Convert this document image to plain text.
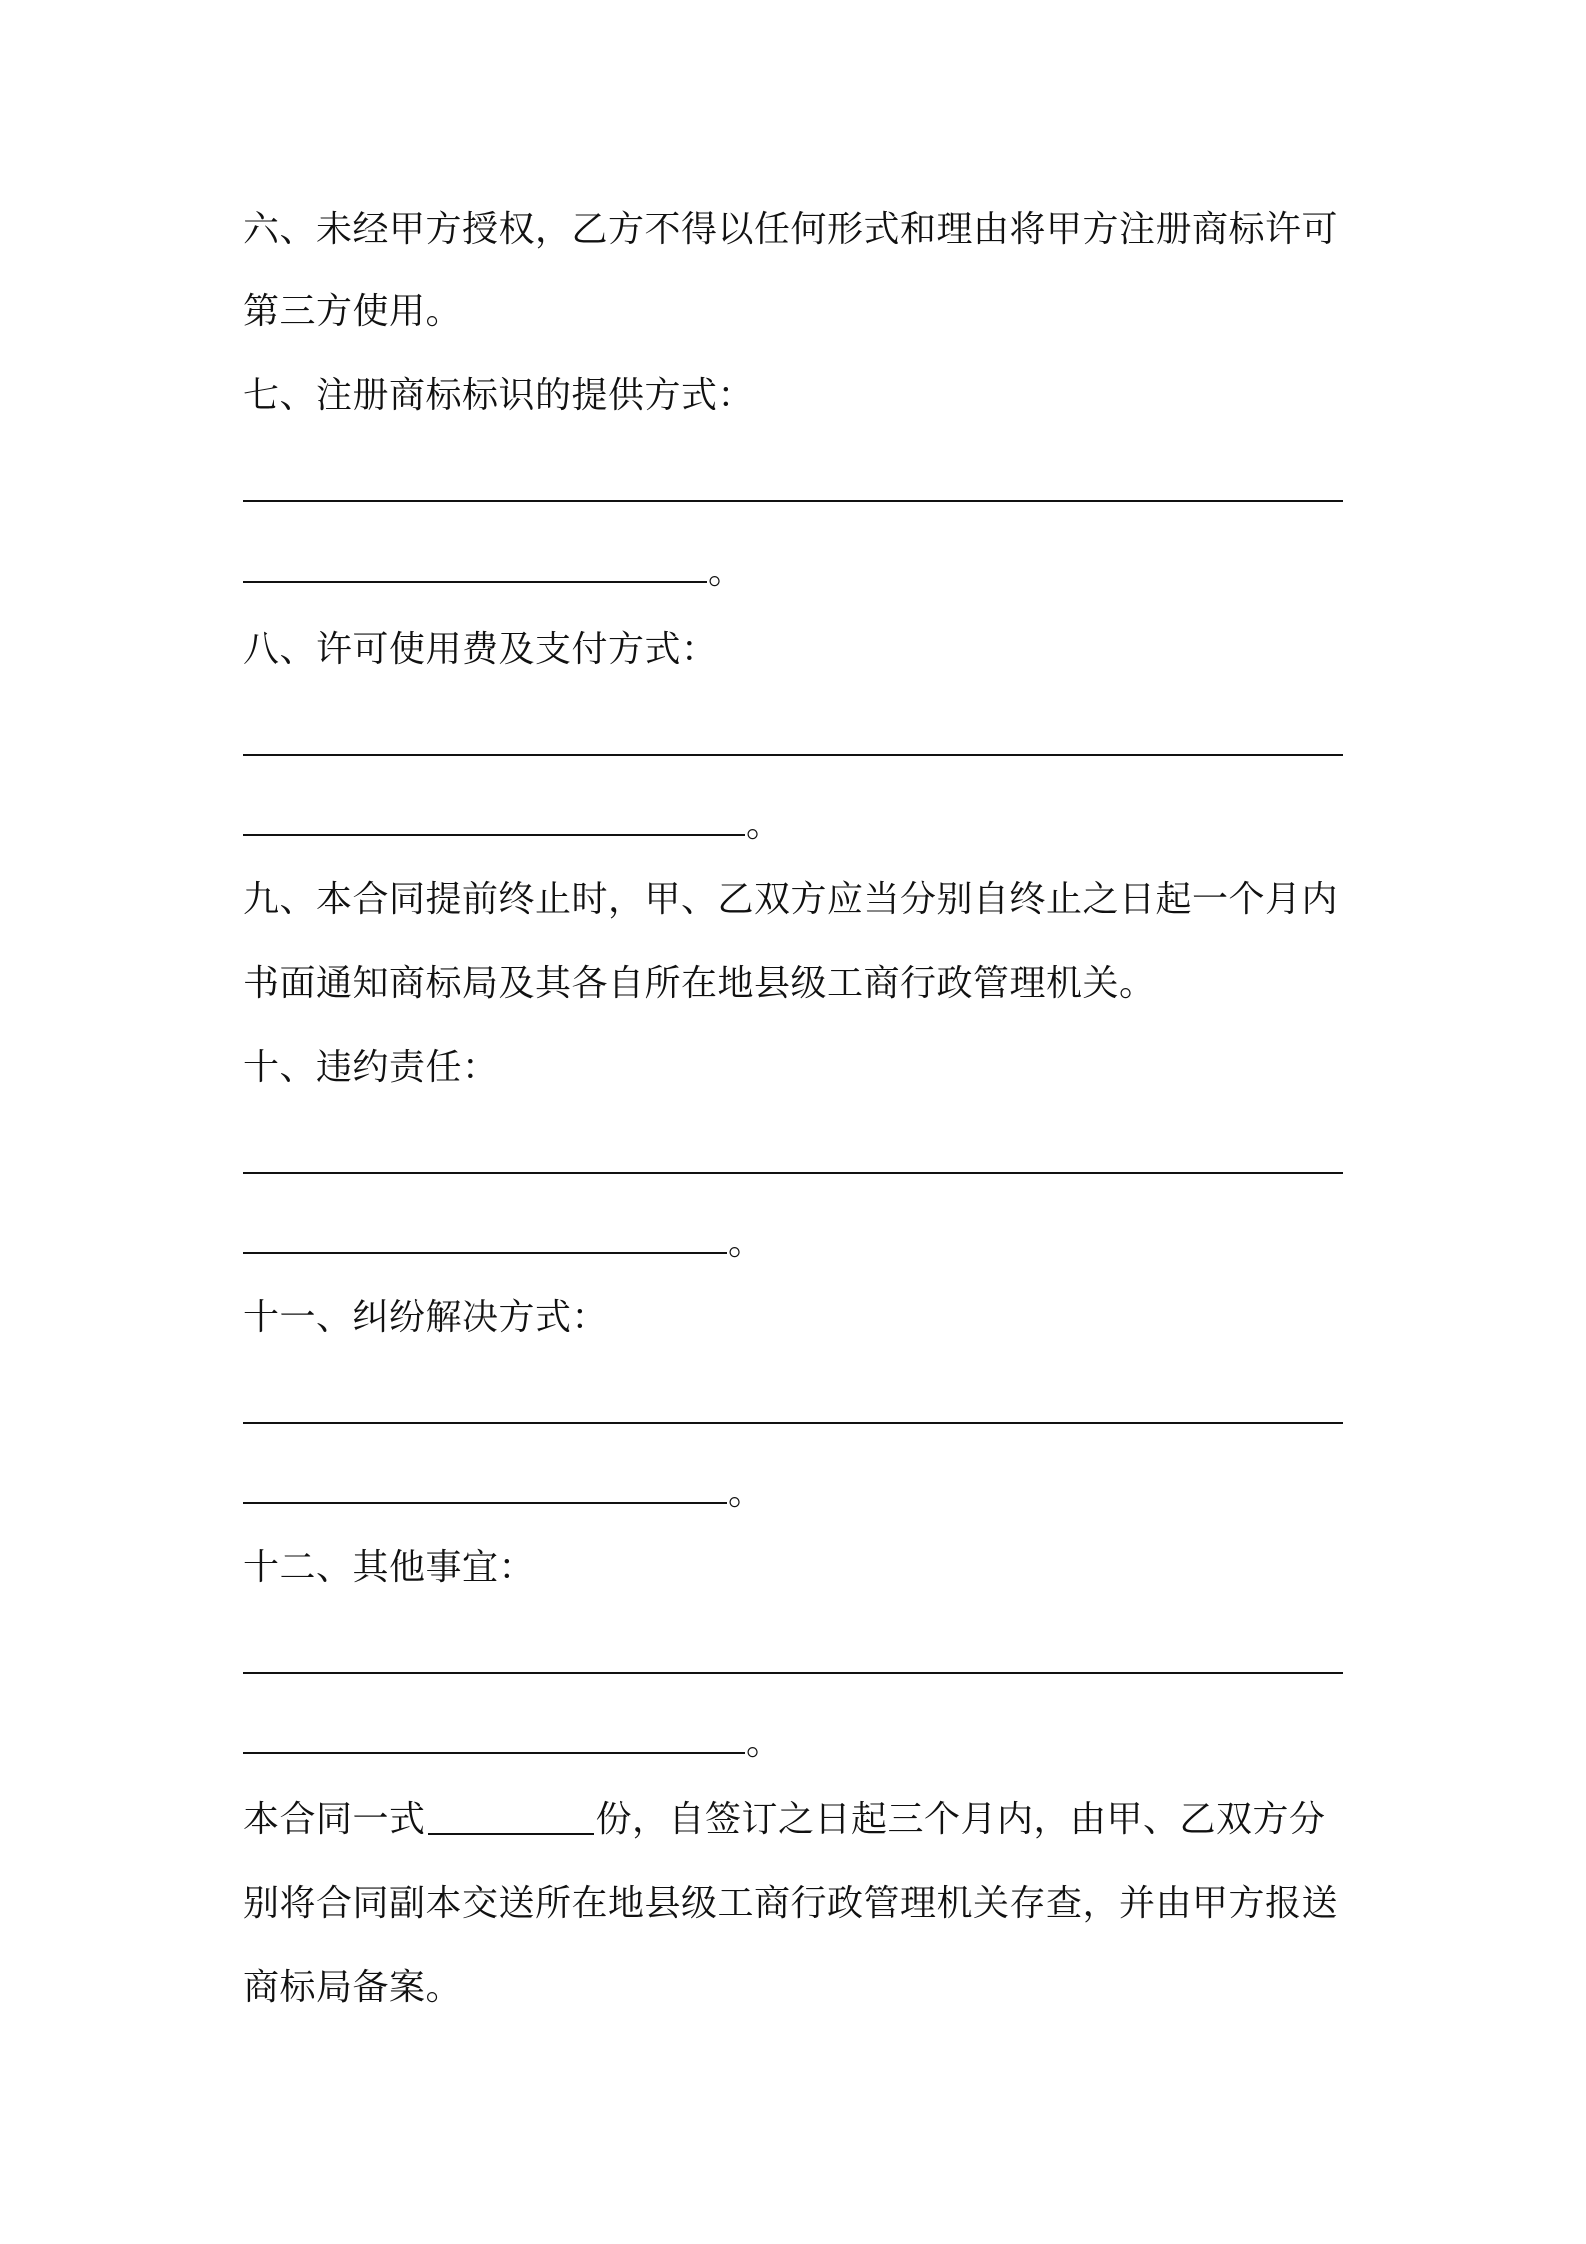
六、未经甲方授权，乙方不得以任何形式和理由将甲方注册商标许可
第三方使用。
七、注册商标标识的提供方式：
。
八、许可使用费及支付方式：
。
九、本合同提前终止时，甲、乙双方应当分别自终止之日起一个月内
书面通知商标局及其各自所在地县级工商行政管理机关。
十、违约责任：
。
十一、纠纷解决方式：
。
十二、其他事宜：
。
本合同一式	份，自签订之日起三个月内，由甲、乙双方分
别将合同副本交送所在地县级工商行政管理机关存查，并由甲方报送
商标局备案。
